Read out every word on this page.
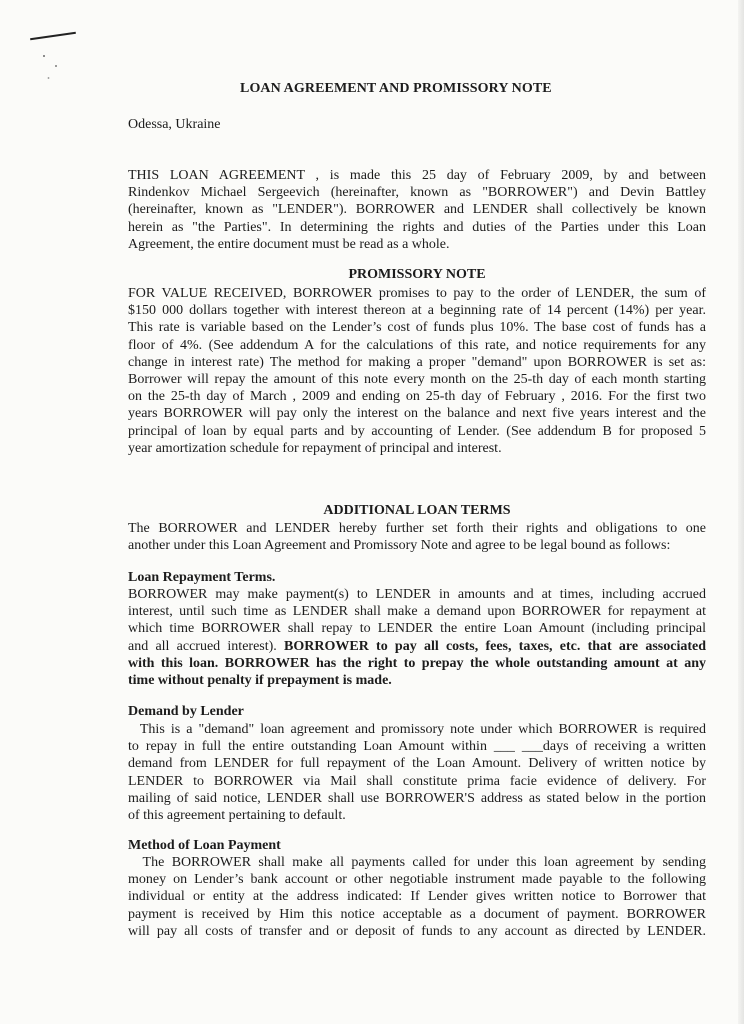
LOAN AGREEMENT AND PROMISSORY NOTE
Odessa, Ukraine
THIS LOAN AGREEMENT , is made this 25 day of February 2009, by and between
Rindenkov Michael Sergeevich (hereinafter, known as "BORROWER") and Devin Battley
(hereinafter, known as "LENDER"). BORROWER and LENDER shall collectively be known
herein as "the Parties". In determining the rights and duties of the Parties under this Loan
Agreement, the entire document must be read as a whole.
PROMISSORY NOTE
FOR VALUE RECEIVED, BORROWER promises to pay to the order of LENDER, the sum of
$150 000 dollars together with interest thereon at a beginning rate of 14 percent (14%) per year.
This rate is variable based on the Lender’s cost of funds plus 10%. The base cost of funds has a
floor of 4%. (See addendum A for the calculations of this rate, and notice requirements for any
change in interest rate) The method for making a proper "demand" upon BORROWER is set as:
Borrower will repay the amount of this note every month on the 25-th day of each month starting
on the 25-th day of March , 2009 and ending on 25-th day of February , 2016. For the first two
years BORROWER will pay only the interest on the balance and next five years interest and the
principal of loan by equal parts and by accounting of Lender. (See addendum B for proposed 5
year amortization schedule for repayment of principal and interest.
ADDITIONAL LOAN TERMS
The BORROWER and LENDER hereby further set forth their rights and obligations to one
another under this Loan Agreement and Promissory Note and agree to be legal bound as follows:
Loan Repayment Terms.
BORROWER may make payment(s) to LENDER in amounts and at times, including accrued
interest, until such time as LENDER shall make a demand upon BORROWER for repayment at
which time BORROWER shall repay to LENDER the entire Loan Amount (including principal
and all accrued interest). BORROWER to pay all costs, fees, taxes, etc. that are associated
with this loan. BORROWER has the right to prepay the whole outstanding amount at any
time without penalty if prepayment is made.
Demand by Lender
This is a "demand" loan agreement and promissory note under which BORROWER is required
to repay in full the entire outstanding Loan Amount within ___ ___days of receiving a written
demand from LENDER for full repayment of the Loan Amount. Delivery of written notice by
LENDER to BORROWER via Mail shall constitute prima facie evidence of delivery. For
mailing of said notice, LENDER shall use BORROWER'S address as stated below in the portion
of this agreement pertaining to default.
Method of Loan Payment
The BORROWER shall make all payments called for under this loan agreement by sending
money on Lender’s bank account or other negotiable instrument made payable to the following
individual or entity at the address indicated: If Lender gives written notice to Borrower that
payment is received by Him this notice acceptable as a document of payment. BORROWER
will pay all costs of transfer and or deposit of funds to any account as directed by LENDER.
